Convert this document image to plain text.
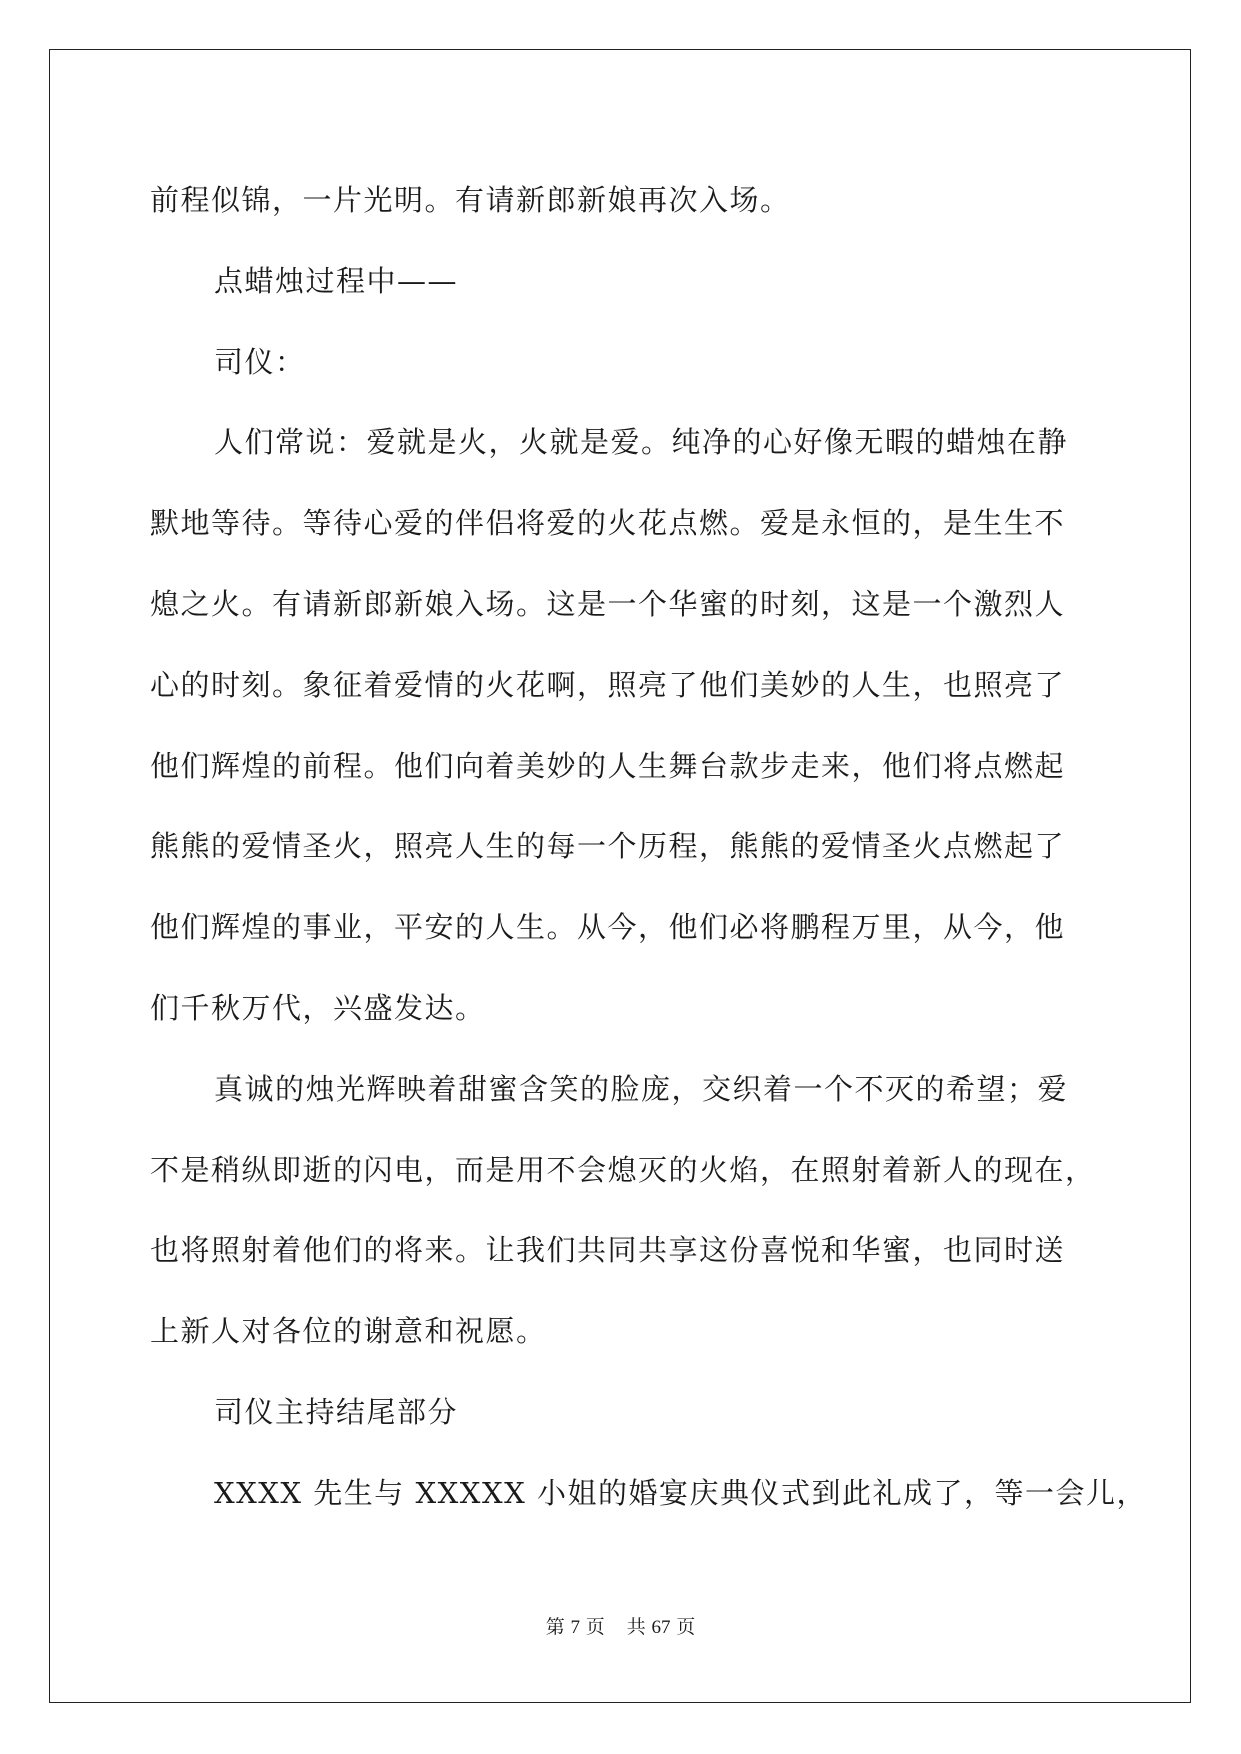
前程似锦，一片光明。有请新郎新娘再次入场。
点蜡烛过程中——
司仪：
人们常说：爱就是火，火就是爱。纯净的心好像无暇的蜡烛在静
默地等待。等待心爱的伴侣将爱的火花点燃。爱是永恒的，是生生不
熄之火。有请新郎新娘入场。这是一个华蜜的时刻，这是一个激烈人
心的时刻。象征着爱情的火花啊，照亮了他们美妙的人生，也照亮了
他们辉煌的前程。他们向着美妙的人生舞台款步走来，他们将点燃起
熊熊的爱情圣火，照亮人生的每一个历程，熊熊的爱情圣火点燃起了
他们辉煌的事业，平安的人生。从今，他们必将鹏程万里，从今，他
们千秋万代，兴盛发达。
真诚的烛光辉映着甜蜜含笑的脸庞，交织着一个不灭的希望；爱
不是稍纵即逝的闪电，而是用不会熄灭的火焰，在照射着新人的现在，
也将照射着他们的将来。让我们共同共享这份喜悦和华蜜，也同时送
上新人对各位的谢意和祝愿。
司仪主持结尾部分
XXXX 先生与 XXXXX 小姐的婚宴庆典仪式到此礼成了，等一会儿，
第 7 页 共 67 页
